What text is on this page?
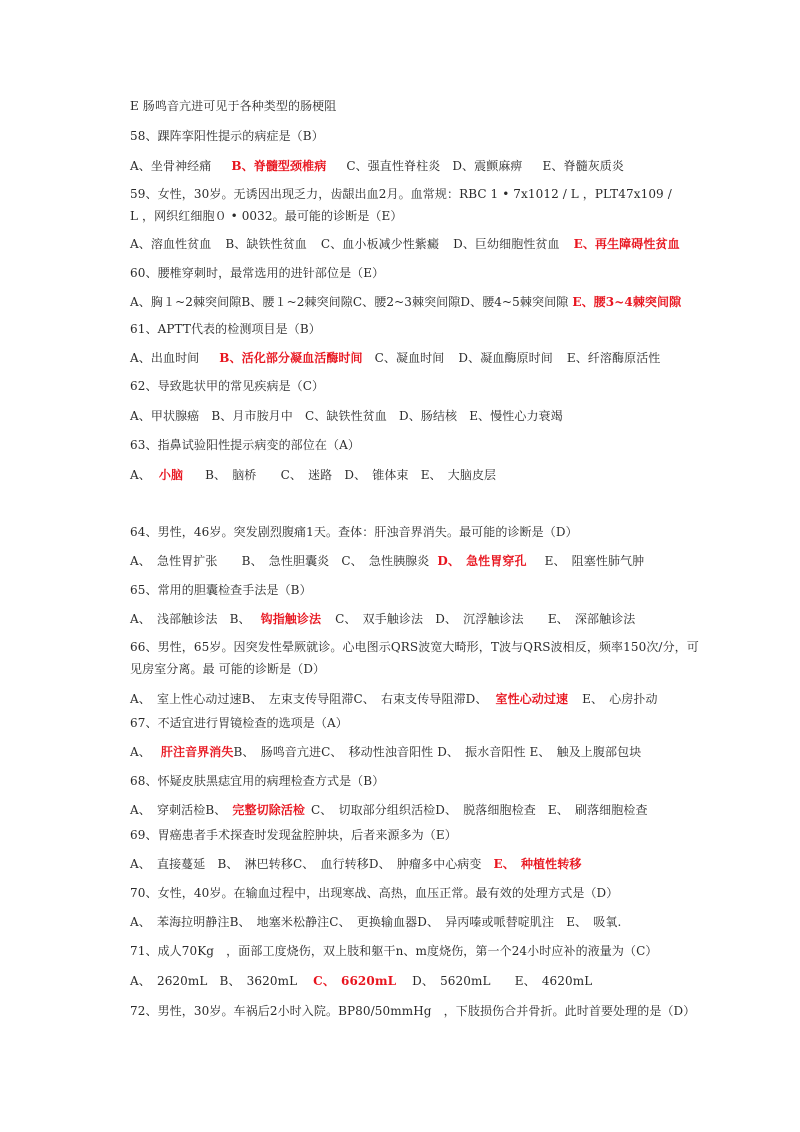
E 肠鸣音亢进可见于各种类型的肠梗阻
58、踝阵挛阳性提示的病症是（B）
A、坐骨神经痛 B、脊髓型颈椎病 C、强直性脊柱炎 D、震颤麻痹 E、脊髓灰质炎
59、女性，30岁。无诱因出现乏力，齿龈出血2月。血常规：RBC 1 • 7x1012 / L ，PLT47x109 /
L ，网织红细胞０ • 0032。最可能的诊断是（E）
A、溶血性贫血 B、缺铁性贫血 C、血小板减少性紫癜 D、巨幼细胞性贫血 E、再生障碍性贫血
60、腰椎穿刺时，最常选用的进针部位是（E）
A、胸１~2棘突间隙B、腰１~2棘突间隙C、腰2~3棘突间隙D、腰4~5棘突间隙 E、腰3~4棘突间隙
61、APTT代表的检测项目是（B）
A、出血时间 B、活化部分凝血活酶时间 C、凝血时间 D、凝血酶原时间 E、纤溶酶原活性
62、导致匙状甲的常见疾病是（C）
A、甲状腺癌　B、月市胺月中　C、缺铁性贫血　D、肠结核　E、慢性心力衰竭
63、指鼻试验阳性提示病变的部位在（A）
A、 小脑 B、　脑桥　　C、　迷路　D、　锥体束　E、　大脑皮层
64、男性，46岁。突发剧烈腹痛1天。查体：肝浊音界消失。最可能的诊断是（D）
A、　急性胃扩张　　B、　急性胆囊炎　C、　急性胰腺炎 D、　急性胃穿孔 E、　阻塞性肺气肿
65、常用的胆囊检查手法是（B）
A、　浅部触诊法　B、 钩指触诊法 C、　双手触诊法　D、　沉浮触诊法　　E、　深部触诊法
66、男性，65岁。因突发性晕厥就诊。心电图示QRS波宽大畸形，T波与QRS波相反，频率150次/分，可
见房室分离。最 可能的诊断是（D）
A、　室上性心动过速B、　左束支传导阻滞C、　右束支传导阻滞D、 室性心动过速 E、　心房扑动
67、不适宜进行胃镜检查的选项是（A）
A、 肝注音界消失B、　肠鸣音亢进C、　移动性浊音阳性 D、　振水音阳性 E、　触及上腹部包块
68、怀疑皮肤黑痣宜用的病理检查方式是（B）
A、　穿刺活检B、 完整切除活检 C、　切取部分组织活检D、　脱落细胞检查　E、　刷落细胞检查
69、胃癌患者手术探查时发现盆腔肿块，后者来源多为（E）
A、　直接蔓延　B、　淋巴转移C、　血行转移D、　肿瘤多中心病变 E、　种植性转移
70、女性，40岁。在输血过程中，出现寒战、高热，血压正常。最有效的处理方式是（D）
A、　苯海拉明静注B、　地塞米松静注C、　更换输血器D、　异丙嗪或哌替啶肌注　E、　吸氧.
71、成人70Kg　，面部工度烧伤，双上肢和躯干n、m度烧伤，第一个24小时应补的液量为（C）
A、　2620mL　B、　3620mL C、　6620mL D、　5620mL　　E、　4620mL
72、男性，30岁。车祸后2小时入院。BP80/50mmHg　，下肢损伤合并骨折。此时首要处理的是（D）
